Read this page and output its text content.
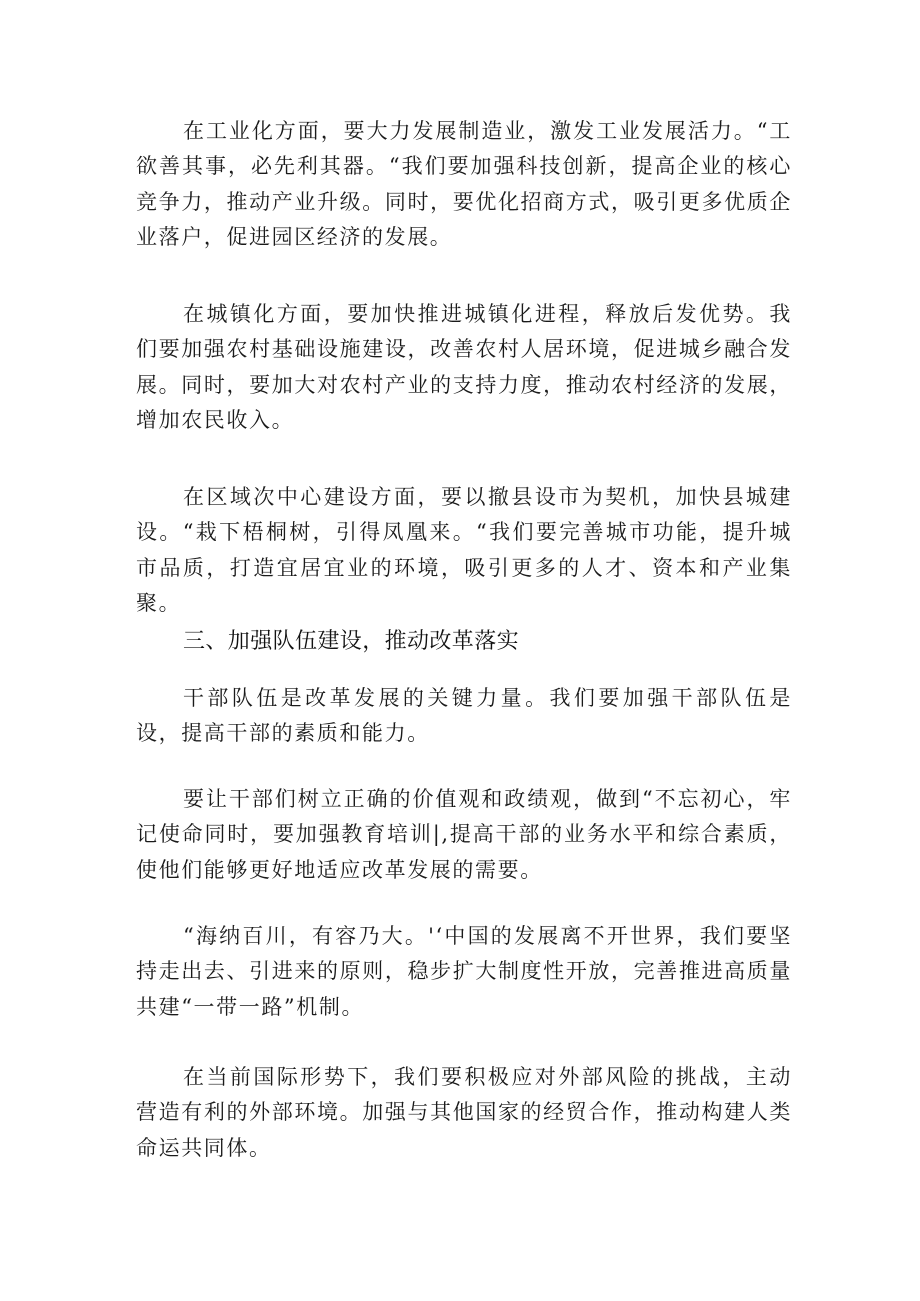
在工业化方面，要大力发展制造业，激发工业发展活力。“工欲善其事，必先利其器。“我们要加强科技创新，提高企业的核心竞争力，推动产业升级。同时，要优化招商方式，吸引更多优质企业落户，促进园区经济的发展。

在城镇化方面，要加快推进城镇化进程，释放后发优势。我们要加强农村基础设施建设，改善农村人居环境，促进城乡融合发展。同时，要加大对农村产业的支持力度，推动农村经济的发展，增加农民收入。

在区域次中心建设方面，要以撤县设市为契机，加快县城建设。“栽下梧桐树，引得凤凰来。“我们要完善城市功能，提升城市品质，打造宜居宜业的环境，吸引更多的人才、资本和产业集聚。

三、加强队伍建设，推动改革落实

干部队伍是改革发展的关键力量。我们要加强干部队伍是设，提高干部的素质和能力。

要让干部们树立正确的价值观和政绩观，做到“不忘初心，牢记使命同时，要加强教育培训|,提高干部的业务水平和综合素质，使他们能够更好地适应改革发展的需要。

“海纳百川，有容乃大。'‘中国的发展离不开世界，我们要坚持走出去、引进来的原则，稳步扩大制度性开放，完善推进高质量共建“一带一路”机制。

在当前国际形势下，我们要积极应对外部风险的挑战，主动营造有利的外部环境。加强与其他国家的经贸合作，推动构建人类命运共同体。
